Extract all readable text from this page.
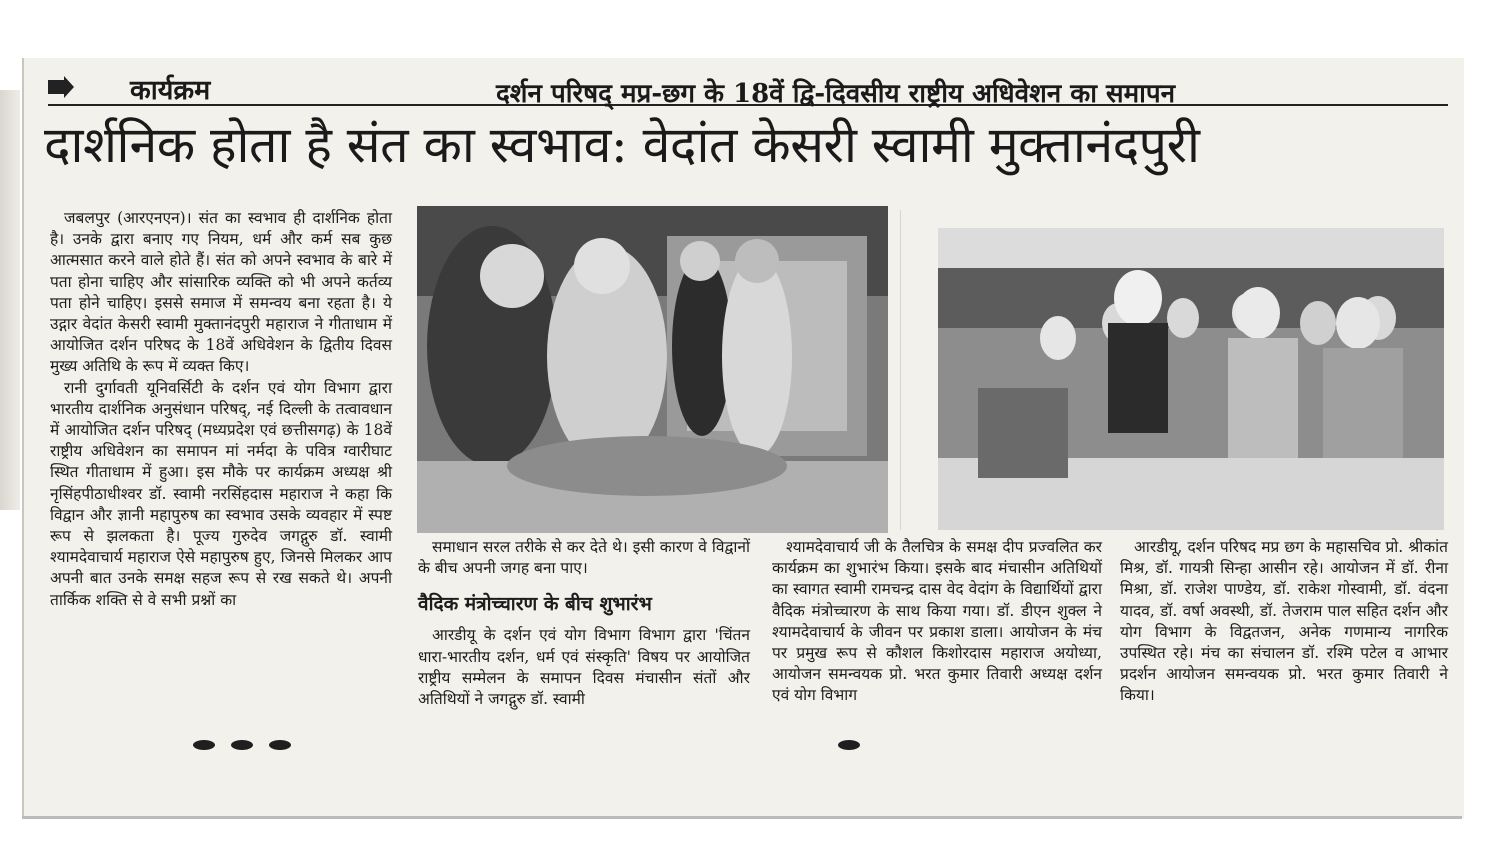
कार्यक्रम	दर्शन परिषद् मप्र-छग के 18वें द्वि-दिवसीय राष्ट्रीय अधिवेशन का समापन
दार्शनिक होता है संत का स्वभाव: वेदांत केसरी स्वामी मुक्तानंदपुरी

जबलपुर (आरएनएन)। संत का स्वभाव ही दार्शनिक होता है। उनके द्वारा बनाए गए नियम, धर्म और कर्म सब कुछ आत्मसात करने वाले होते हैं। संत को अपने स्वभाव के बारे में पता होना चाहिए और सांसारिक व्यक्ति को भी अपने कर्तव्य पता होने चाहिए। इससे समाज में समन्वय बना रहता है। ये उद्गार वेदांत केसरी स्वामी मुक्तानंदपुरी महाराज ने गीताधाम में आयोजित दर्शन परिषद के 18वें अधिवेशन के द्वितीय दिवस मुख्य अतिथि के रूप में व्यक्त किए।

रानी दुर्गावती यूनिवर्सिटी के दर्शन एवं योग विभाग द्वारा भारतीय दार्शनिक अनुसंधान परिषद्, नई दिल्ली के तत्वावधान में आयोजित दर्शन परिषद् (मध्यप्रदेश एवं छत्तीसगढ़) के 18वें राष्ट्रीय अधिवेशन का समापन मां नर्मदा के पवित्र ग्वारीघाट स्थित गीताधाम में हुआ। इस मौके पर कार्यक्रम अध्यक्ष श्री नृसिंहपीठाधीश्वर डॉ. स्वामी नरसिंहदास महाराज ने कहा कि विद्वान और ज्ञानी महापुरुष का स्वभाव उसके व्यवहार में स्पष्ट रूप से झलकता है। पूज्य गुरुदेव जगद्गुरु डॉ. स्वामी श्यामदेवाचार्य महाराज ऐसे महापुरुष हुए, जिनसे मिलकर आप अपनी बात उनके समक्ष सहज रूप से रख सकते थे। अपनी तार्किक शक्ति से वे सभी प्रश्नों का

समाधान सरल तरीके से कर देते थे। इसी कारण वे विद्वानों के बीच अपनी जगह बना पाए।

वैदिक मंत्रोच्चारण के बीच शुभारंभ

आरडीयू के दर्शन एवं योग विभाग विभाग द्वारा 'चिंतन धारा-भारतीय दर्शन, धर्म एवं संस्कृति' विषय पर आयोजित राष्ट्रीय सम्मेलन के समापन दिवस मंचासीन संतों और अतिथियों ने जगद्गुरु डॉ. स्वामी

श्यामदेवाचार्य जी के तैलचित्र के समक्ष दीप प्रज्वलित कर कार्यक्रम का शुभारंभ किया। इसके बाद मंचासीन अतिथियों का स्वागत स्वामी रामचन्द्र दास वेद वेदांग के विद्यार्थियों द्वारा वैदिक मंत्रोच्चारण के साथ किया गया। डॉ. डीएन शुक्ल ने श्यामदेवाचार्य के जीवन पर प्रकाश डाला। आयोजन के मंच पर प्रमुख रूप से कौशल किशोरदास महाराज अयोध्या, आयोजन समन्वयक प्रो. भरत कुमार तिवारी अध्यक्ष दर्शन एवं योग विभाग

आरडीयू, दर्शन परिषद मप्र छग के महासचिव प्रो. श्रीकांत मिश्र, डॉ. गायत्री सिन्हा आसीन रहे। आयोजन में डॉ. रीना मिश्रा, डॉ. राजेश पाण्डेय, डॉ. राकेश गोस्वामी, डॉ. वंदना यादव, डॉ. वर्षा अवस्थी, डॉ. तेजराम पाल सहित दर्शन और योग विभाग के विद्वतजन, अनेक गणमान्य नागरिक उपस्थित रहे। मंच का संचालन डॉ. रश्मि पटेल व आभार प्रदर्शन आयोजन समन्वयक प्रो. भरत कुमार तिवारी ने किया।
